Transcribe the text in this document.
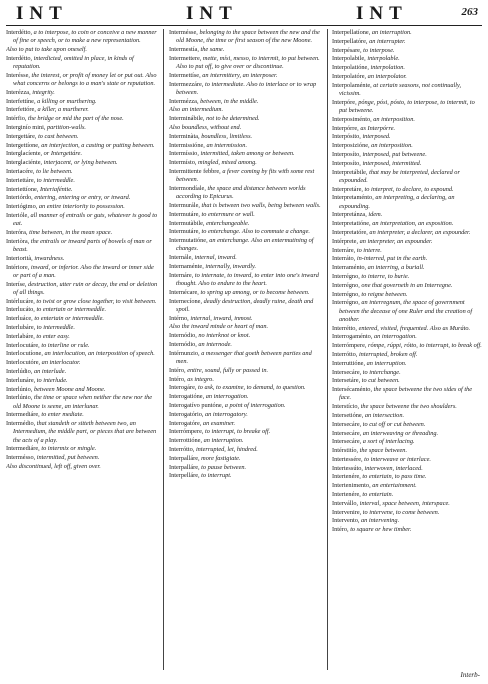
INT	INT	INT	263
Interdétto, a to interpose, to coin or conceive a new manner of fine or speech, or to make a new representation.
Also to put to take upon oneself.
Interdétto, interdicted, omitted in place, in kinds of reputation.
Interésse, the interest, or profit of money let or put out. Also what concerns or belongs to a man's state or reputation.
Interézza, integrity.
Interfettíne, a killing or murthering.
Interfettóre, a killer, a murtherer.
Intérfio, the bridge or mid the part of the nose.
Interginío mini, partition-walls.
Intergettáre, to cast between.
Intergettíone, an interjection, a casting or putting between.
Interglacíente, or Intergettáre.
Interglaciénte, interjacent, or lying between.
Interiacére, to lie between.
Interiettáre, to intermeddle.
Interiettíone, Interiaféntie.
Interiórdo, entering, entering or entry, or inward.
Interiógimo, an entire interiority to possession.
Interióle, all manner of entrails or guts, whatever is good to eat.
Interóra, time between, in the mean space.
Interiòra, the entrails or inward parts of bowels of man or beast.
Interiorità, inwardness.
Intériore, inward, or inferior. Also the inward or inner side or part of a man.
Interíse, destruction, utter ruin or decay, the end or deletion of all things.
Intérlucáre, to twist or grow close together, to visit between.
Interlucáto, to entertain or intermeddle.
Interluáce, to entertain or intermeddle.
Interlubáre, to intermeddle.
Interlabáre, to enter easy.
Interlocutáre, to interline or rule.
Interlocutíone, an interlocution, an interposition of speech.
Interlocutóre, an interlocutor.
Interlúdio, an interlude.
Interlunáre, to interlude.
Interlúnio, between Moone and Moone.
Interlúnio, the time or space when neither the new nor the old Moone is seene, an interlunar.
Intermediáre, to enter mediate.
Intermédio, that standeth or sitteth between two, an Intermedium, the middle part, or pieces that are between the acts of a play.
Intermediáre, to intermix or mingle.
Intermésso, intermitted, put between.
Also discontinued, left off, given over.
Intermésse, belonging to the space between the new and the old Moone, the time or first season of the new Moone.
Intermestía, the same.
Intermettere, mette, mísi, messo, to intermit, to put between. Also to put off, to give over or discontinue.
Intermettíse, an intermittery, an interposer.
Intermezzáre, to intermediate. Also to interlace or to wrap between.
Intermézza, between, in the middle.
Also an intermedium.
Interminábile, not to be determined.
Also boundless, without end.
Interminàta, boundless, limitless.
Intermissióne, an intermission.
Intermíssio, intermitted, taken among or between.
Intermísto, mingled, mixed among.
Intermittente febbre, a fever coming by fits with some rest between.
Intermondíale, the space and distance between worlds according to Epicurus.
Intermurále, that is between two walls, being between walls.
Intermutáre, to entermure or wall.
Intermutàbile, enterchangeable.
Intermutáre, to enterchange. Also to commute a change.
Intermutatióne, an enterchange. Also an entermutining of changes.
Internále, internal, inward.
Internaménte, internally, inwardly.
Internáre, to internate, to inward, to enter into one's inward thought. Also to endure to the heart.
Internécare, to spring up among, or to become between.
Internecíone, deadly destruction, deadly ruine, death and spoil.
Intérno, internal, inward, inmost.
Also the inward minde or heart of man.
Internódio, no interknot or knot.
Internódio, an internode.
Intérnunzio, a messenger that goeth between parties and men.
Intéro, entire, sound, fully or passed in.
Intéro, as integro.
Interogáre, to ask, to examine, to demand, to question.
Interogatióne, an interrogation.
Interogatívo puntóne, a point of interrogation.
Interogatório, an interrogatory.
Interogatóre, an examiner.
Interrómpere, to interrupt, to breake off.
Interrottióne, an interruption.
Interrótto, interrupted, let, hindred.
Interpalláre, more fastigiate.
Interpalláre, to pause between.
Interpelláre, to interrupt.
Interpellatíone, an interruption.
Interpellatóre, an interrupter.
Interpésare, to interpose.
Interpolabile, interpolable.
Interpolatióne, interpolation.
Interpolatóre, an interpolator.
Interpolaménte, at certain seasons, not continually, vicissim.
Interpóre, pónge, pósi, pósto, to interpose, to intermit, to put betweene.
Interposiménto, an interposition.
Interpórre, as Interpórre.
Interpósito, interposed.
Interposizióne, an interposition.
Interposíto, interposed, put betweene.
Interposíto, interposed, intermitted.
Interpretábile, that may be interpreted, declared or expounded.
Interpretáre, to interpret, to declare, to expound.
Interpretaménto, an interpreting, a declaring, an expounding.
Interpretánza, idem.
Interpretatióne, an interpretation, an exposition.
Interpretatóre, an interpreter, a declarer, an expounder.
Intérprete, an interpreter, an expounder.
Interráre, to interre.
Interráto, in-interred, put in the earth.
Interraménto, an interring, a buriall.
Interrégno, to interre, to burie.
Interrégno, one that governeth in an Interregne.
Interrégno, to reigne between.
Interrégno, an interregnum, the space of government between the decease of one Ruler and the creation of another.
Interrétto, entered, visited, frequented. Also as Muráto.
Interrogaménto, an interrogation.
Interrómpere, rómpe, rúppi, rótto, to interrupt, to break off.
Interrótto, interrupted, broken off.
Interruttióne, an interruption.
Intersecáre, to interchange.
Intersetáre, to cut between.
Intersécaménto, the space betweene the two sides of the face.
Interstício, the space betweene the two shoulders.
Intersetióne, an intersection.
Intersecáre, to cut off or cut between.
Intersecáre, an interweaving or threading.
Intersecáre, a sort of interlacing.
Intérstitío, the space between.
Intertessére, to interweave or interlace.
Intertessúto, interwoven, interlaced.
Intertenére, to entertain, to pass time.
Intertenimento, an entertainment.
Intertenére, to entertain.
Intervállo, interval, space between, interspace.
Intervenire, to intervene, to come between.
Intervento, an intervening.
Intéro, to square or hew timber.
Interb-
